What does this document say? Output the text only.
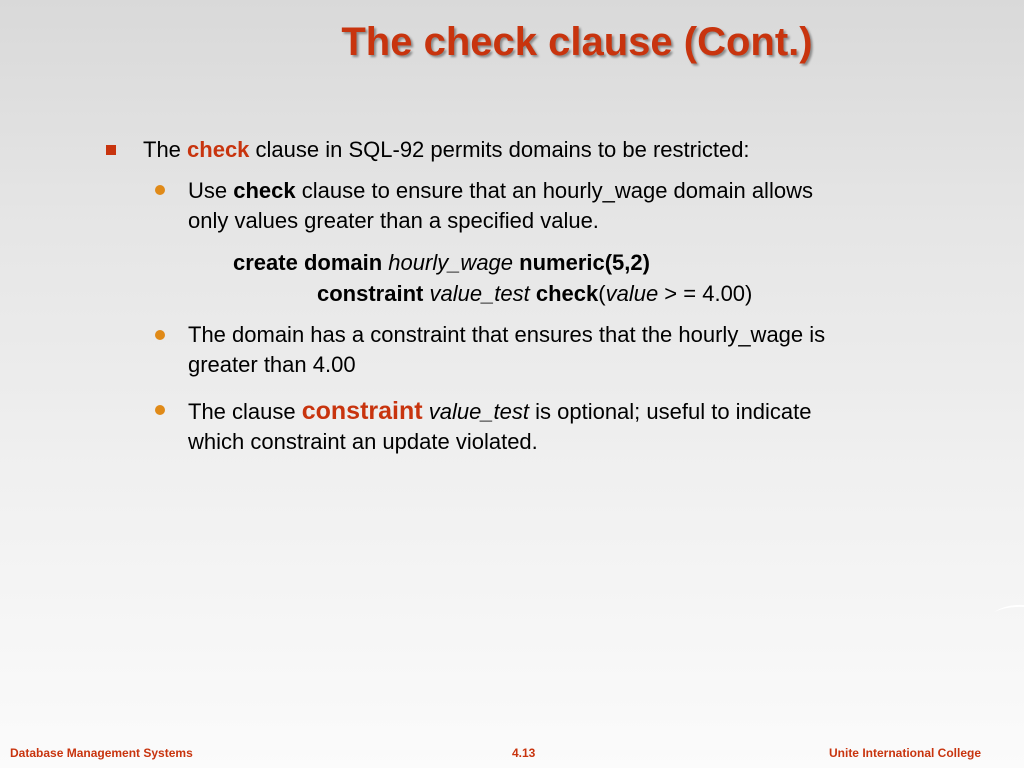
The check clause (Cont.)
The check clause in SQL-92 permits domains to be restricted:
Use check clause to ensure that an hourly_wage domain allows
only values greater than a specified value.
create domain hourly_wage numeric(5,2)
constraint value_test check(value > = 4.00)
The domain has a constraint that ensures that the hourly_wage is
greater than 4.00
The clause constraint value_test is optional; useful to indicate
which constraint an update violated.
Database Management Systems	4.13	Unite International College
